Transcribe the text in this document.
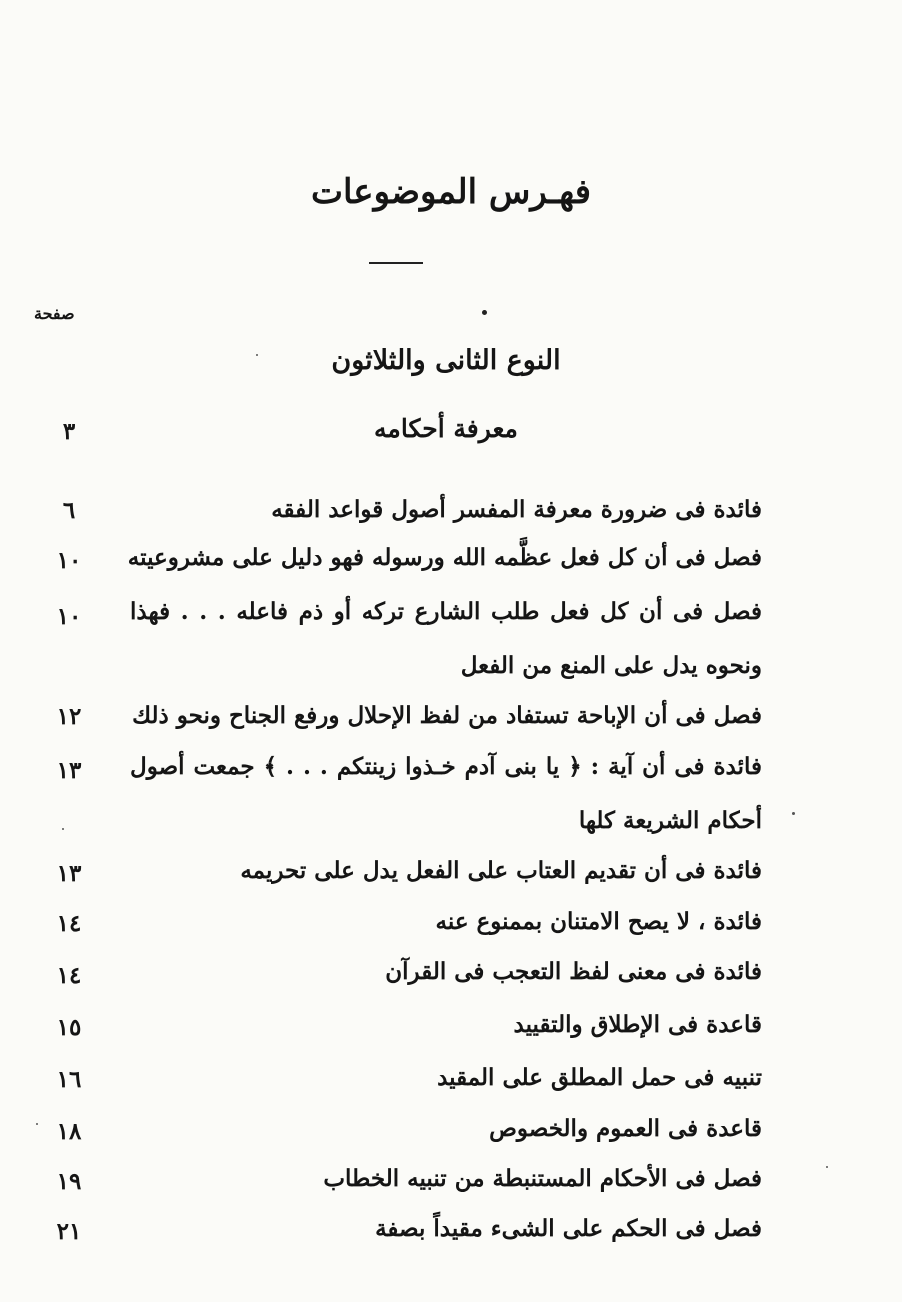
فهـرس الموضوعات
صفحة
النوع الثانى والثلاثون
معرفة أحكامه
٣
فائدة فى ضرورة معرفة المفسر أصول قواعد الفقه
٦
فصل فى أن كل فعل عظَّمه الله ورسوله فهو دليل على مشروعيته
١٠
فصل فى أن كل فعل طلب الشارع تركه أو ذم فاعله . . . فهذا ونحوه يدل على المنع من الفعل
١٠
فصل فى أن الإباحة تستفاد من لفظ الإحلال ورفع الجناح ونحو ذلك
١٢
فائدة فى أن آية : ﴿ يا بنى آدم خـذوا زينتكم . . . ﴾ جمعت أصول أحكام الشريعة كلها
١٣
فائدة فى أن تقديم العتاب على الفعل يدل على تحريمه
١٣
فائدة ، لا يصح الامتنان بممنوع عنه
١٤
فائدة فى معنى لفظ التعجب فى القرآن
١٤
قاعدة فى الإطلاق والتقييد
١٥
تنبيه فى حمل المطلق على المقيد
١٦
قاعدة فى العموم والخصوص
١٨
فصل فى الأحكام المستنبطة من تنبيه الخطاب
١٩
فصل فى الحكم على الشىء مقيداً بصفة
٢١
